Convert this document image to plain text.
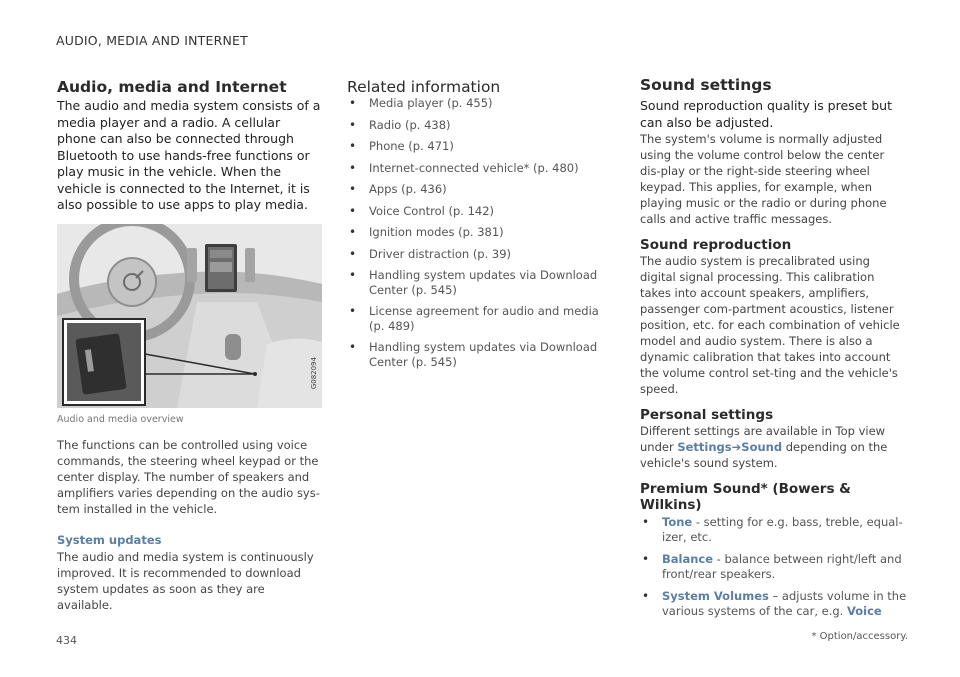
AUDIO, MEDIA AND INTERNET
Audio, media and Internet

The audio and media system consists of a media player and a radio. A cellular phone can also be connected through Bluetooth to use hands-free functions or play music in the vehicle. When the vehicle is connected to the Internet, it is also possible to use apps to play media.

G082094
Audio and media overview

The functions can be controlled using voice commands, the steering wheel keypad or the center display. The number of speakers and amplifiers varies depending on the audio sys-tem installed in the vehicle.

System updates

The audio and media system is continuously improved. It is recommended to download system updates as soon as they are available.

Related information
• Media player (p. 455)
• Radio (p. 438)
• Phone (p. 471)
• Internet-connected vehicle* (p. 480)
• Apps (p. 436)
• Voice Control (p. 142)
• Ignition modes (p. 381)
• Driver distraction (p. 39)
• Handling system updates via Download Center (p. 545)
• License agreement for audio and media (p. 489)
• Handling system updates via Download Center (p. 545)
Sound settings

Sound reproduction quality is preset but can also be adjusted.

The system's volume is normally adjusted using the volume control below the center dis-play or the right-side steering wheel keypad. This applies, for example, when playing music or the radio or during phone calls and active traffic messages.

Sound reproduction

The audio system is precalibrated using digital signal processing. This calibration takes into account speakers, amplifiers, passenger com-partment acoustics, listener position, etc. for each combination of vehicle model and audio system. There is also a dynamic calibration that takes into account the volume control set-ting and the vehicle's speed.

Personal settings

Different settings are available in Top view under Settings➔Sound depending on the vehicle's sound system.

Premium Sound* (Bowers & Wilkins)
• Tone - setting for e.g. bass, treble, equal-izer, etc.
• Balance - balance between right/left and front/rear speakers.
• System Volumes – adjusts volume in the various systems of the car, e.g. Voice
* Option/accessory.
434
